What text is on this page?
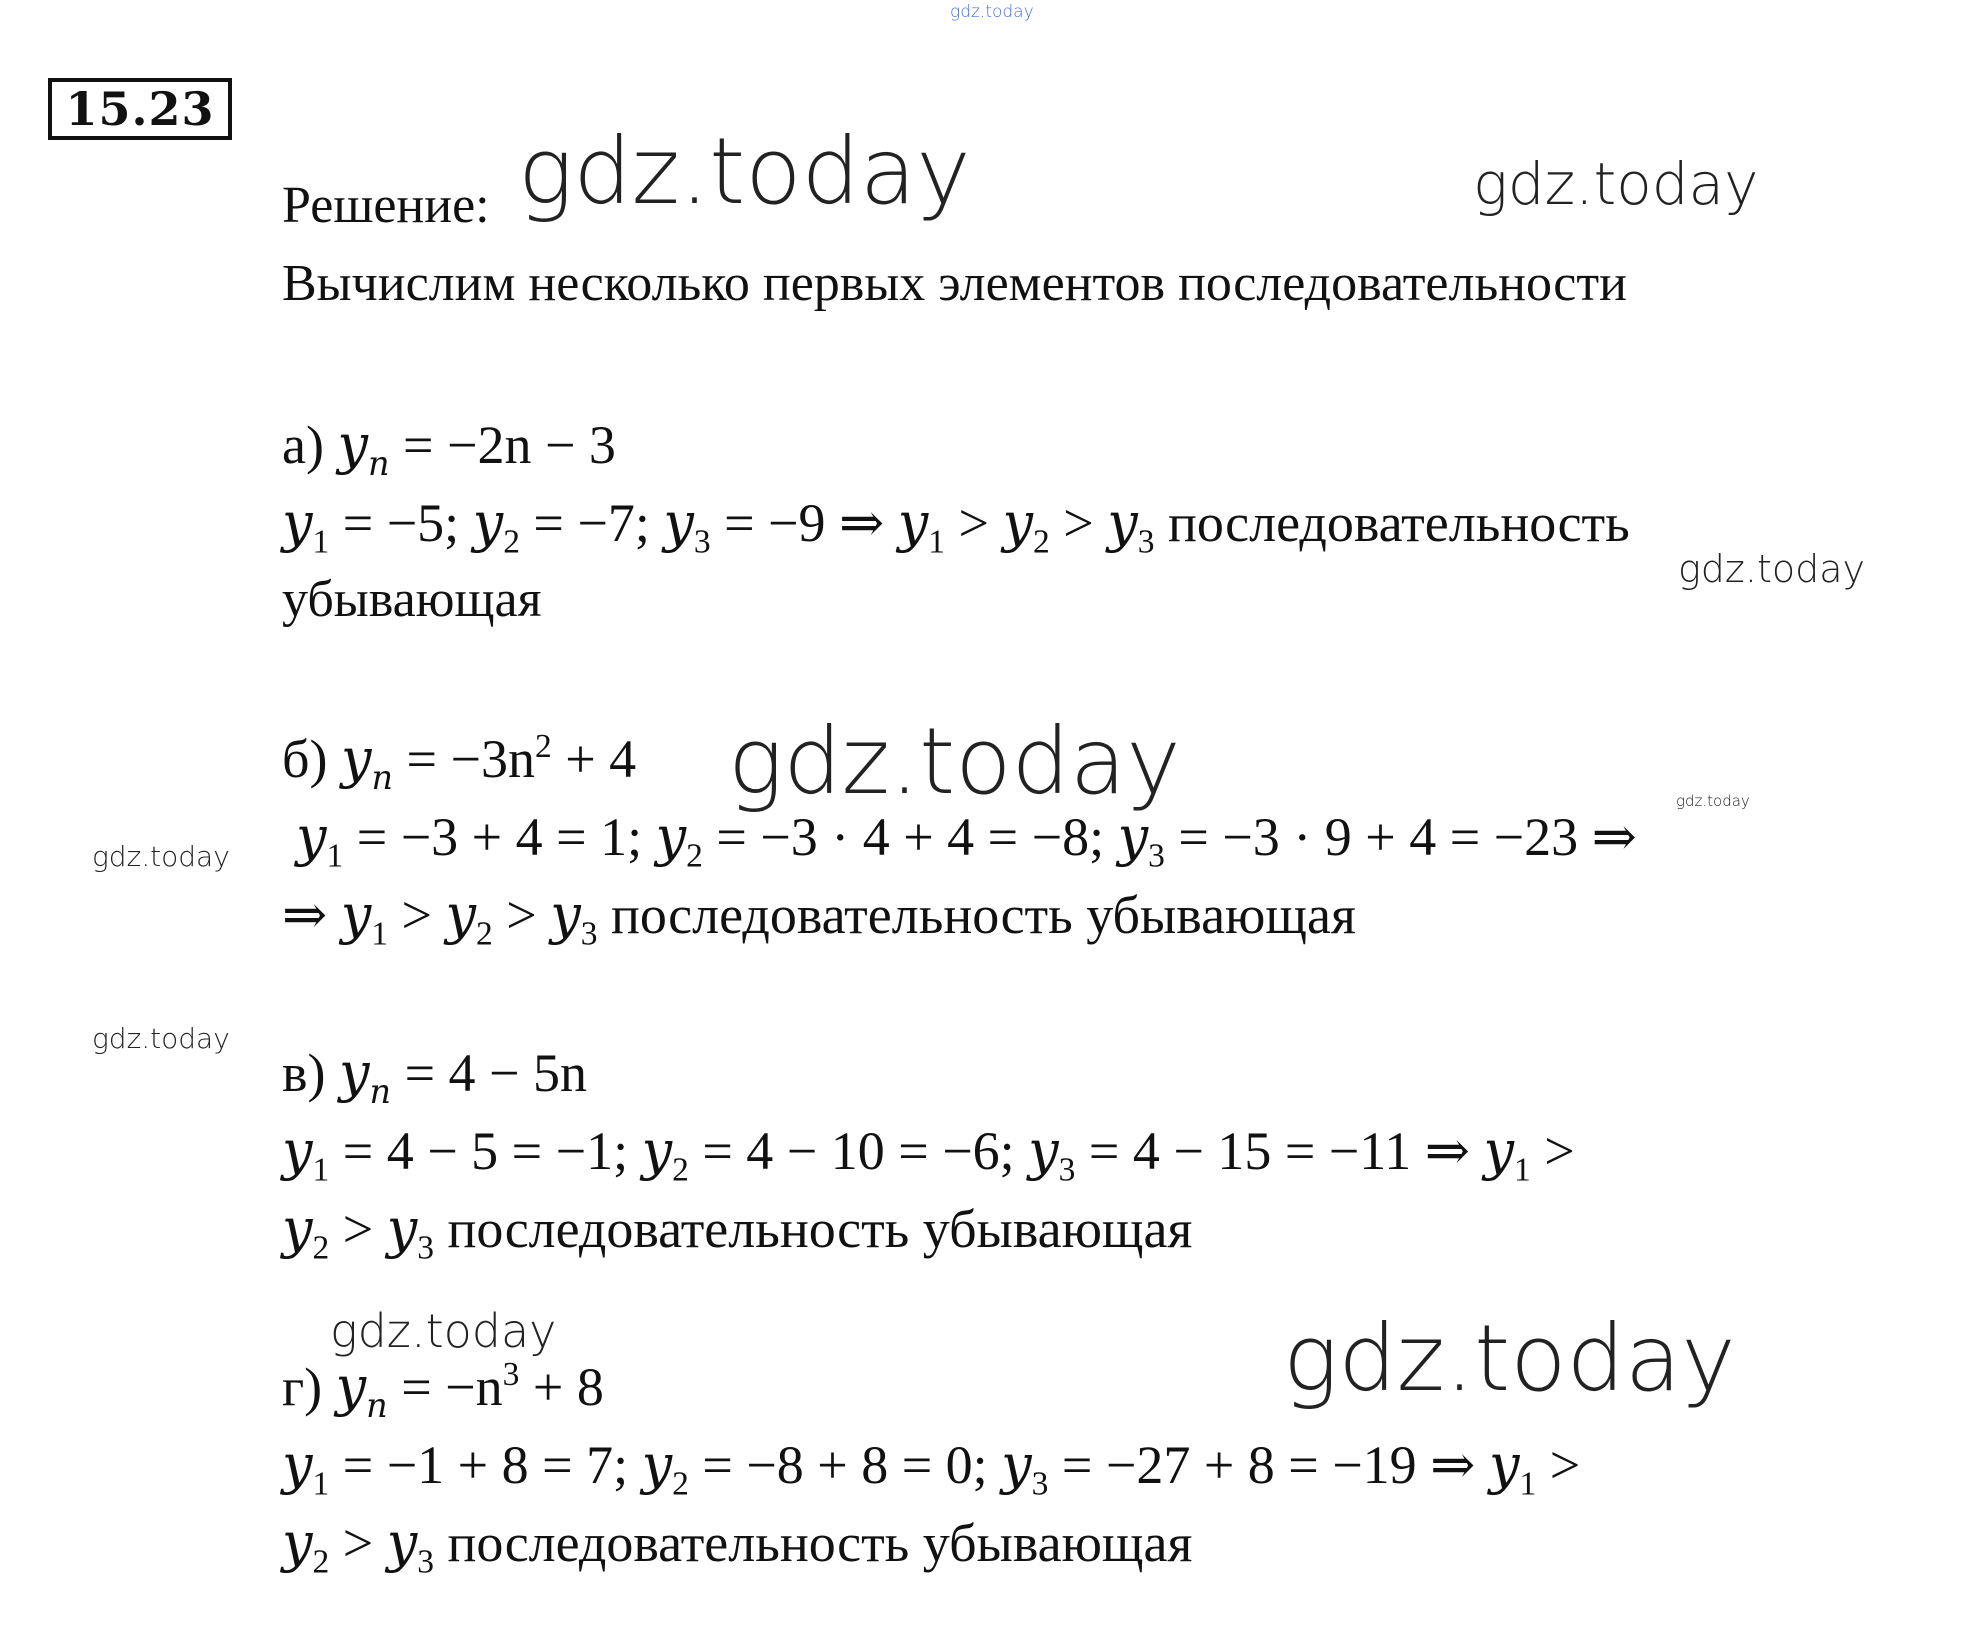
15.23
gdz.today
gdz.today	gdz.today
gdz.today
gdz.today	gdz.today
gdz.today
gdz.today
gdz.today	gdz.today
Решение:
Вычислим несколько первых элементов последовательности
а) $y_n = -2n - 3$
$y_1 = -5$; $y_2 = -7$; $y_3 = -9$ ⇒ $y_1 > y_2 > y_3$ последовательность
убывающая
б) $y_n = -3n^2 + 4$
$y_1 = -3 + 4 = 1$; $y_2 = -3 \cdot 4 + 4 = -8$; $y_3 = -3 \cdot 9 + 4 = -23$ ⇒
⇒ $y_1 > y_2 > y_3$ последовательность убывающая
в) $y_n = 4 - 5n$
$y_1 = 4 - 5 = -1$; $y_2 = 4 - 10 = -6$; $y_3 = 4 - 15 = -11$ ⇒ $y_1$ >
$y_2 > y_3$ последовательность убывающая
г) $y_n = -n^3 + 8$
$y_1 = -1 + 8 = 7$; $y_2 = -8 + 8 = 0$; $y_3 = -27 + 8 = -19$ ⇒ $y_1$ >
$y_2 > y_3$ последовательность убывающая
